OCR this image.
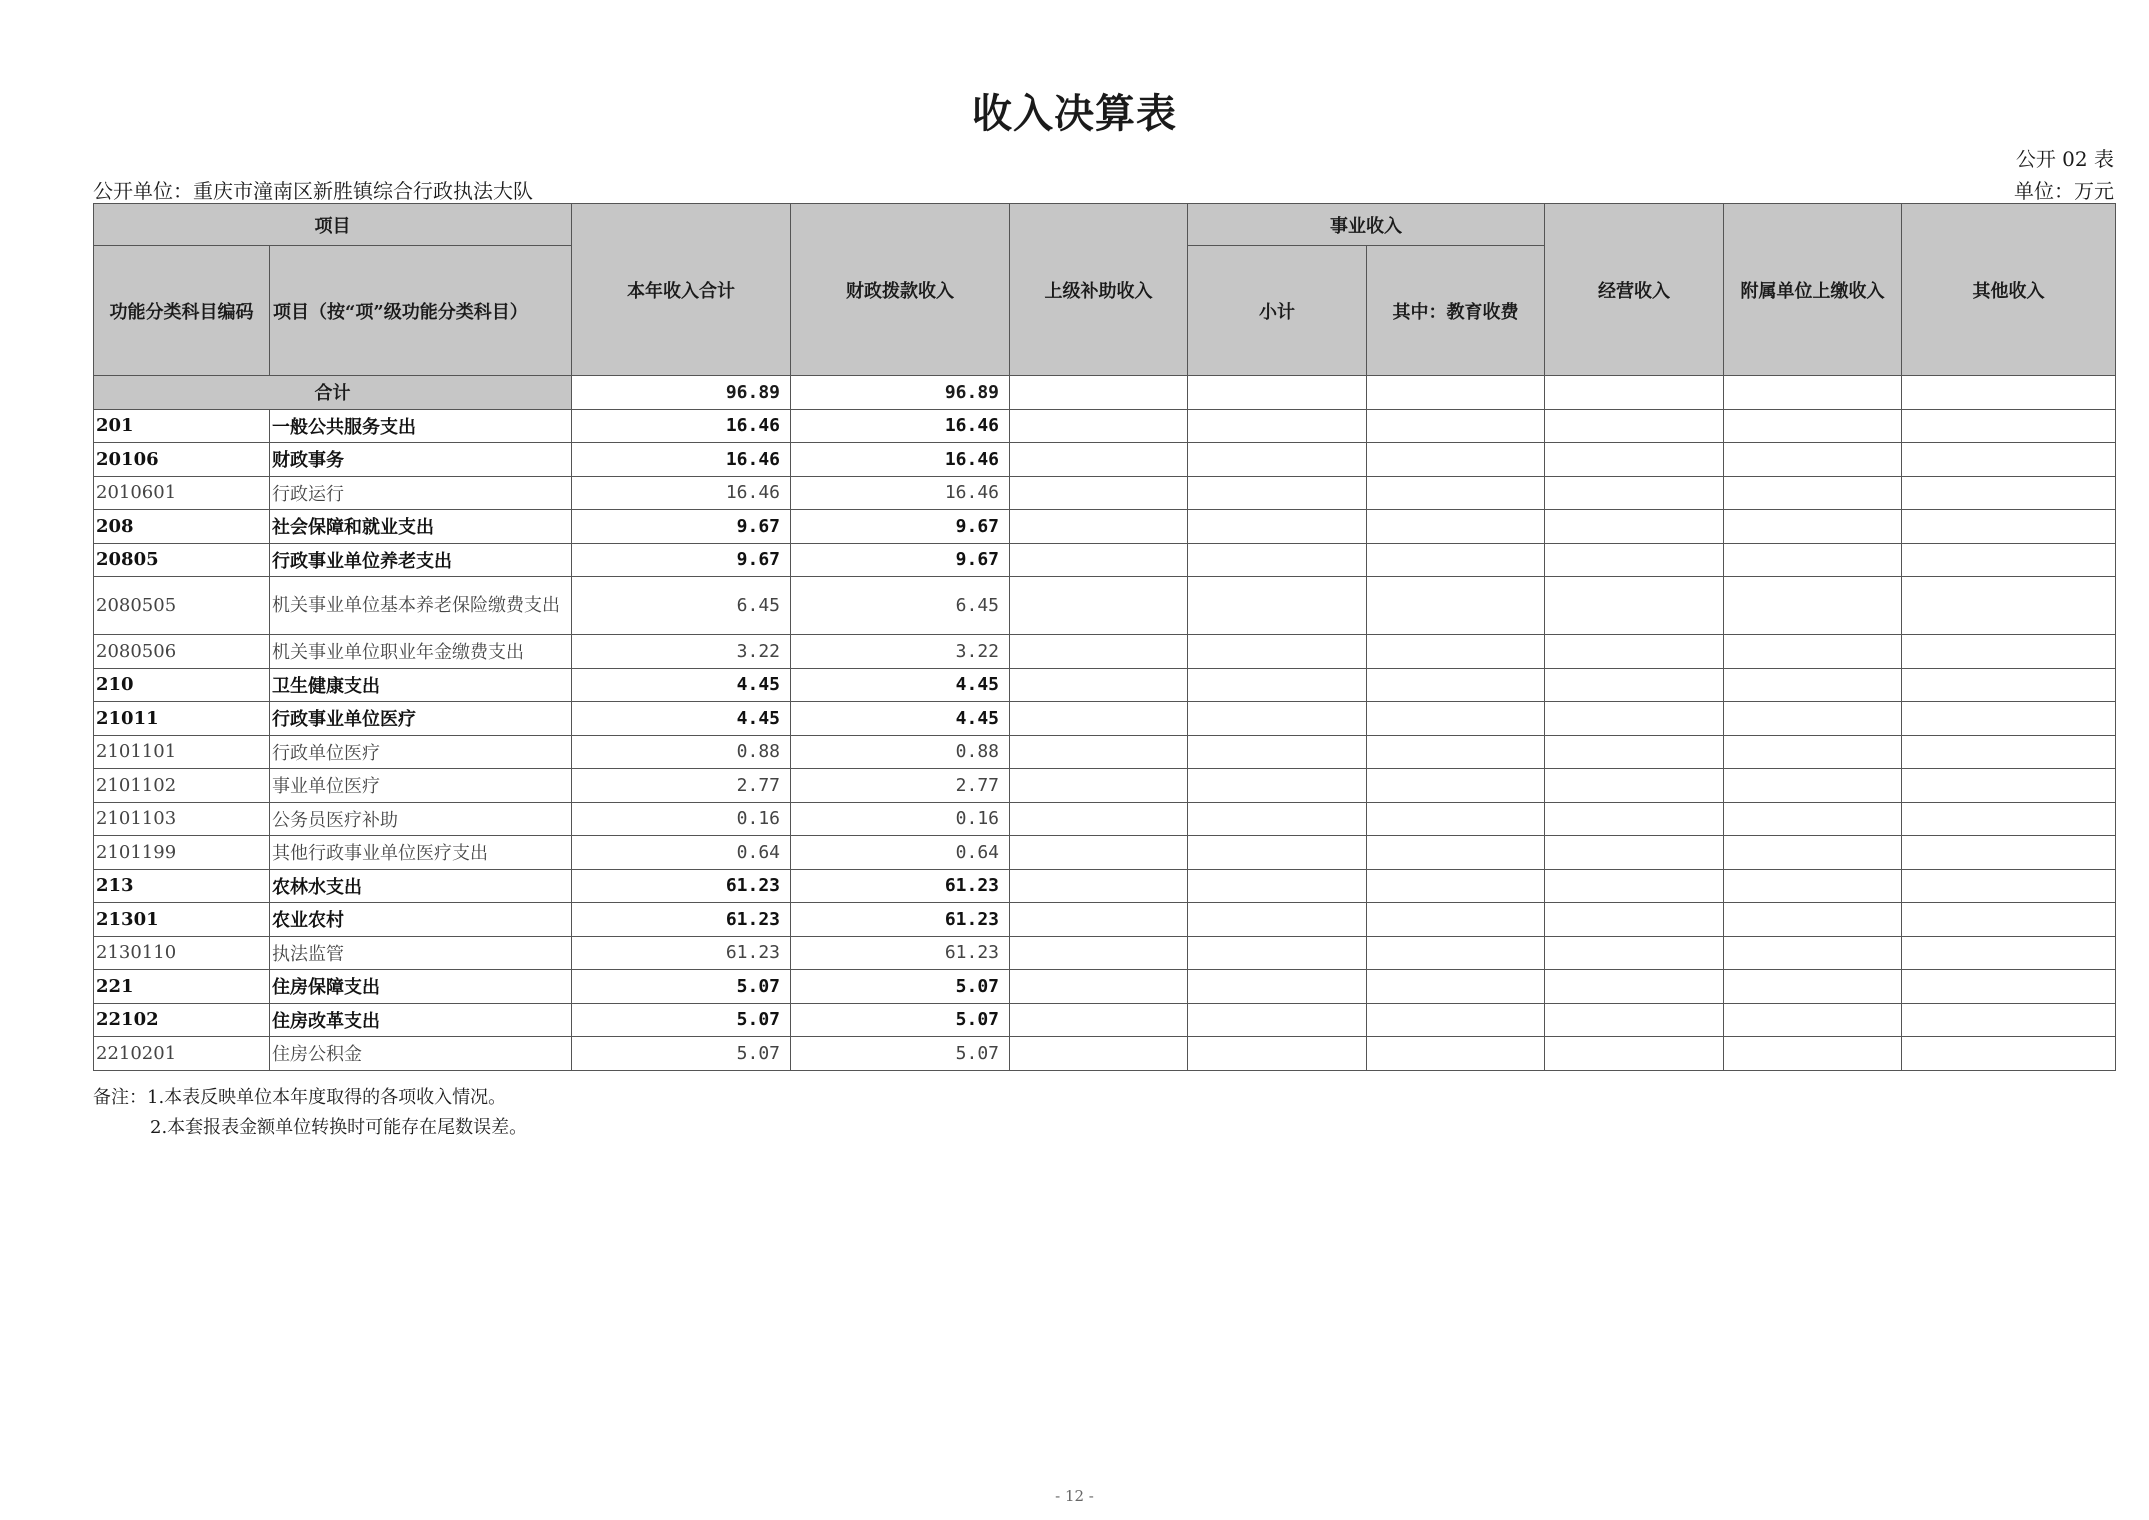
收入决算表
公开 02 表
公开单位：重庆市潼南区新胜镇综合行政执法大队	单位：万元
项目		本年收入合计	财政拨款收入	上级补助收入	事业收入		经营收入	附属单位上缴收入	其他收入
功能分类科目编码	项目（按“项”级功能分类科目）				小计	其中：教育收费			
合计		96.89	96.89						
201	一般公共服务支出	16.46	16.46						
20106	财政事务	16.46	16.46						
2010601	行政运行	16.46	16.46						
208	社会保障和就业支出	9.67	9.67						
20805	行政事业单位养老支出	9.67	9.67						
2080505	机关事业单位基本养老保险缴费支出	6.45	6.45						
2080506	机关事业单位职业年金缴费支出	3.22	3.22						
210	卫生健康支出	4.45	4.45						
21011	行政事业单位医疗	4.45	4.45						
2101101	行政单位医疗	0.88	0.88						
2101102	事业单位医疗	2.77	2.77						
2101103	公务员医疗补助	0.16	0.16						
2101199	其他行政事业单位医疗支出	0.64	0.64						
213	农林水支出	61.23	61.23						
21301	农业农村	61.23	61.23						
2130110	执法监管	61.23	61.23						
221	住房保障支出	5.07	5.07						
22102	住房改革支出	5.07	5.07						
2210201	住房公积金	5.07	5.07						
备注：1.本表反映单位本年度取得的各项收入情况。
2.本套报表金额单位转换时可能存在尾数误差。
- 12 -
